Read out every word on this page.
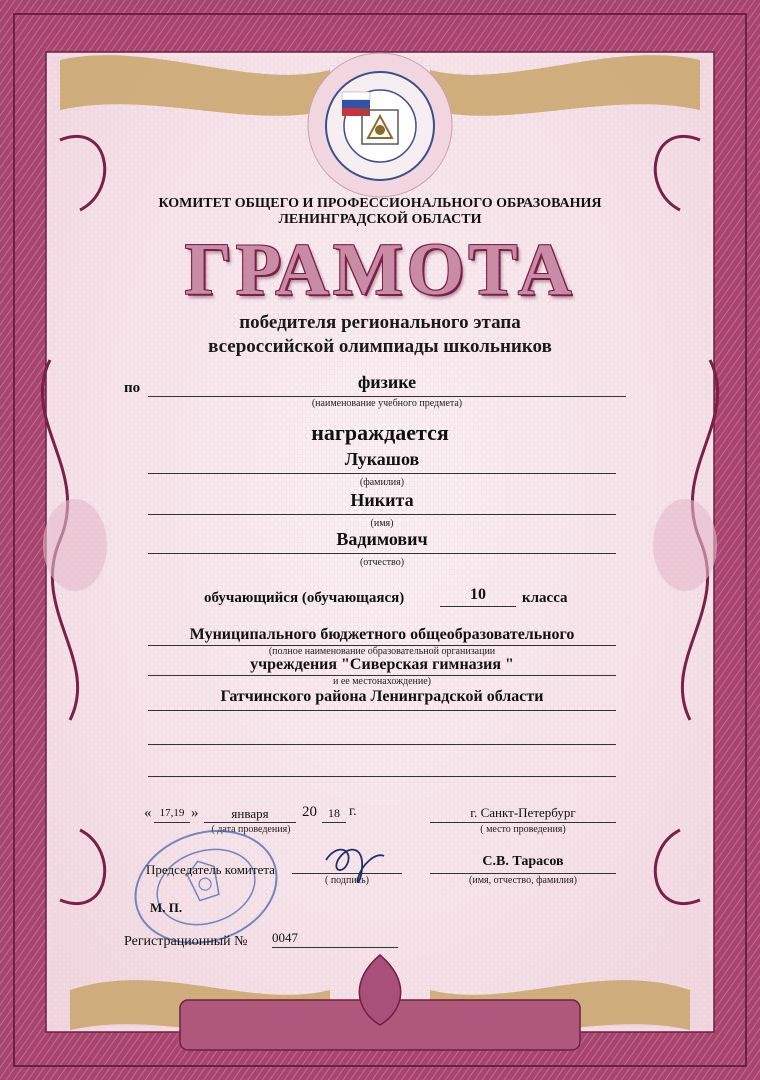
КОМИТЕТ ОБЩЕГО И ПРОФЕССИОНАЛЬНОГО ОБРАЗОВАНИЯ
ЛЕНИНГРАДСКОЙ ОБЛАСТИ
ГРАМОТА
победителя регионального этапа
всероссийской олимпиады школьников
по	физике
(наименование учебного предмета)
награждается
Лукашов
(фамилия)
Никита
(имя)
Вадимович
(отчество)
обучающийся (обучающаяся)	10	класса
Муниципального бюджетного общеобразовательного
(полное наименование образовательной организации
учреждения "Сиверская гимназия "
и ее местонахождение)
Гатчинского района Ленинградской области
« 17,19 »	января	20 18 г.
( дата проведения)
г. Санкт-Петербург
( место проведения)
М. П.
Председатель комитета
( подпись)
С.В. Тарасов
(имя, отчество, фамилия)
Регистрационный № 0047
